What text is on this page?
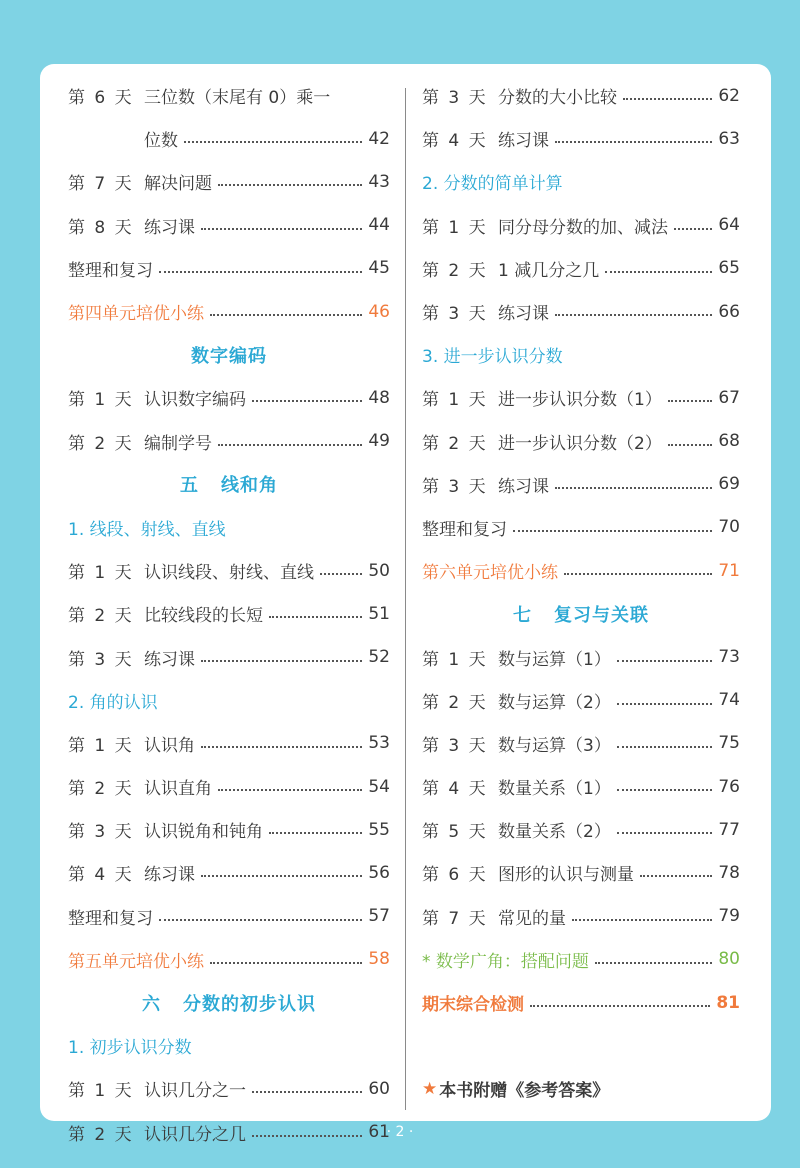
第 6 天 三位数（末尾有 0）乘一
位数	42
第 7 天 解决问题	43
第 8 天 练习课	44
整理和复习	45
第四单元培优小练	46
数字编码
第 1 天 认识数字编码	48
第 2 天 编制学号	49
五 线和角
1. 线段、射线、直线
第 1 天 认识线段、射线、直线	50
第 2 天 比较线段的长短	51
第 3 天 练习课	52
2. 角的认识
第 1 天 认识角	53
第 2 天 认识直角	54
第 3 天 认识锐角和钝角	55
第 4 天 练习课	56
整理和复习	57
第五单元培优小练	58
六 分数的初步认识
1. 初步认识分数
第 1 天 认识几分之一	60
第 2 天 认识几分之几	61
第 3 天 分数的大小比较	62
第 4 天 练习课	63
2. 分数的简单计算
第 1 天 同分母分数的加、减法	64
第 2 天 1 减几分之几	65
第 3 天 练习课	66
3. 进一步认识分数
第 1 天 进一步认识分数（1）	67
第 2 天 进一步认识分数（2）	68
第 3 天 练习课	69
整理和复习	70
第六单元培优小练	71
七 复习与关联
第 1 天 数与运算（1）	73
第 2 天 数与运算（2）	74
第 3 天 数与运算（3）	75
第 4 天 数量关系（1）	76
第 5 天 数量关系（2）	77
第 6 天 图形的认识与测量	78
第 7 天 常见的量	79
* 数学广角：搭配问题	80
期末综合检测	81
★ 本书附赠《参考答案》
· 2 ·
